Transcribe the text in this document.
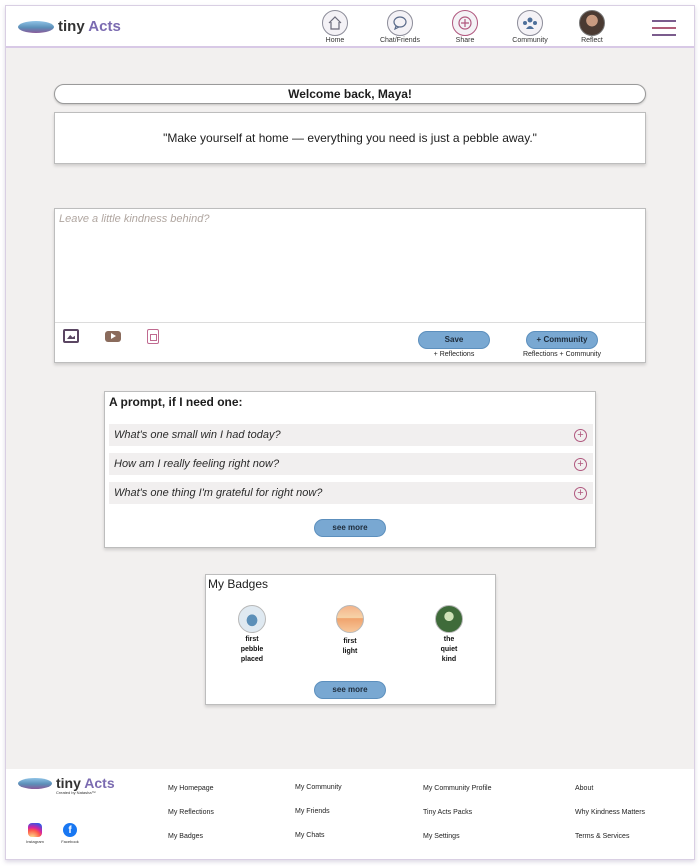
tiny Acts
Home	Chat/Friends	Share	Community	Reflect
Welcome back, Maya!
"Make yourself at home — everything you need is just a pebble away."
Leave a little kindness behind?
Save
+ Reflections
+ Community
Reflections + Community
A prompt, if I need one:
What's one small win I had today?	+
How am I really feeling right now?	+
What's one thing I'm grateful for right now?	+
see more
My Badges
first
pebble
placed
first
light
the
quiet
kind
see more
tiny Acts
Created by Natasha™
Instagram
f
Facebook
My Homepage
My Reflections
My Badges
My Community
My Friends
My Chats
My Community Profile
Tiny Acts Packs
My Settings
About
Why Kindness Matters
Terms & Services
